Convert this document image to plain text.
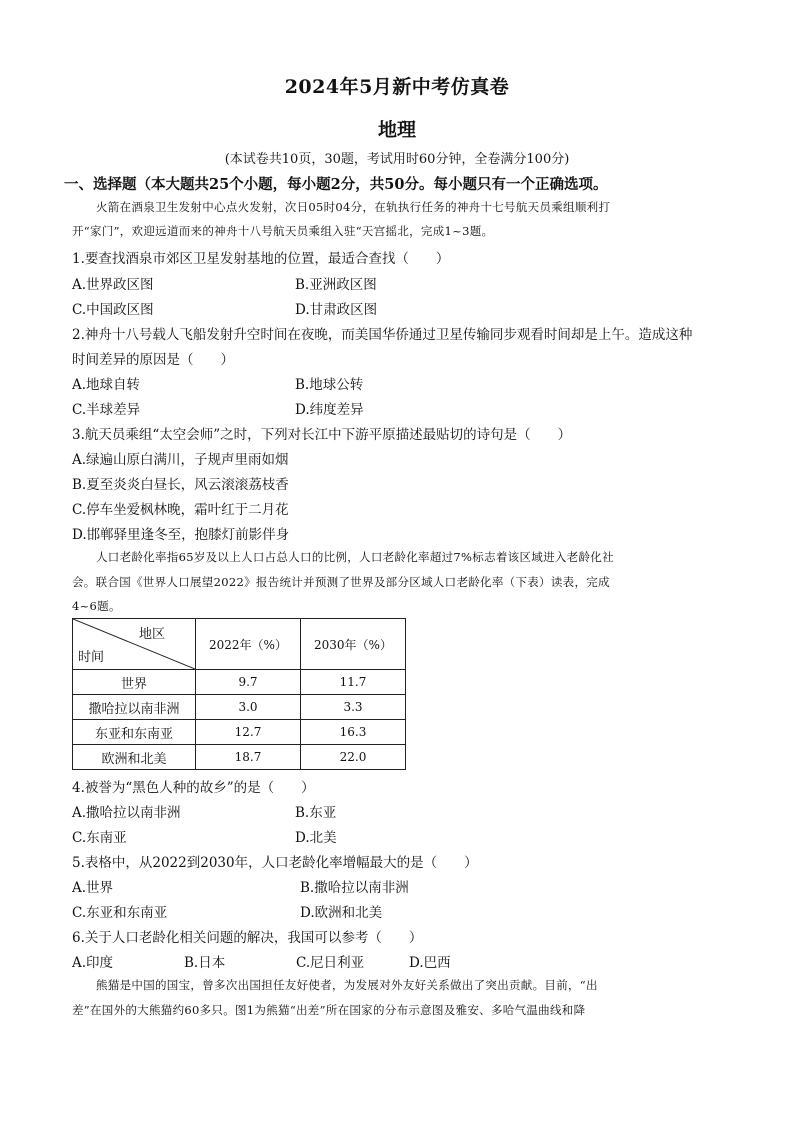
2024年5月新中考仿真卷
地理
(本试卷共10页，30题，考试用时60分钟，全卷满分100分)
一、选择题（本大题共25个小题，每小题2分，共50分。每小题只有一个正确选项。
火箭在酒泉卫生发射中心点火发射，次日05时04分，在轨执行任务的神舟十七号航天员乘组顺利打
开“家门”，欢迎远道而来的神舟十八号航天员乘组入驻“天宫摇北，完成1~3题。
1.要查找酒泉市郊区卫星发射基地的位置，最适合查找（　　）
A.世界政区图	B.亚洲政区图
C.中国政区图	D.甘肃政区图
2.神舟十八号载人飞船发射升空时间在夜晚，而美国华侨通过卫星传输同步观看时间却是上午。造成这种
时间差异的原因是（　　）
A.地球自转	B.地球公转
C.半球差异	D.纬度差异
3.航天员乘组“太空会师”之时，下列对长江中下游平原描述最贴切的诗句是（　　）
A.绿遍山原白满川，子规声里雨如烟
B.夏至炎炎白昼长，风云滚滚荔枝香
C.停车坐爱枫林晚，霜叶红于二月花
D.邯郸驿里逢冬至，抱膝灯前影伴身
人口老龄化率指65岁及以上人口占总人口的比例，人口老龄化率超过7%标志着该区域进入老龄化社
会。联合国《世界人口展望2022》报告统计并预测了世界及部分区域人口老龄化率（下表）读表，完成
4~6题。
地区
时间	2022年（%）	2030年（%）
世界	9.7	11.7
撒哈拉以南非洲	3.0	3.3
东亚和东南亚	12.7	16.3
欧洲和北美	18.7	22.0
4.被誉为“黑色人种的故乡”的是（　　）
A.撒哈拉以南非洲	B.东亚
C.东南亚	D.北美
5.表格中，从2022到2030年，人口老龄化率增幅最大的是（　　）
A.世界	B.撒哈拉以南非洲
C.东亚和东南亚	D.欧洲和北美
6.关于人口老龄化相关问题的解决，我国可以参考（　　）
A.印度	B.日本	C.尼日利亚	D.巴西
熊猫是中国的国宝，曾多次出国担任友好使者，为发展对外友好关系做出了突出贡献。目前，“出
差”在国外的大熊猫约60多只。图1为熊猫“出差”所在国家的分布示意图及雅安、多哈气温曲线和降
